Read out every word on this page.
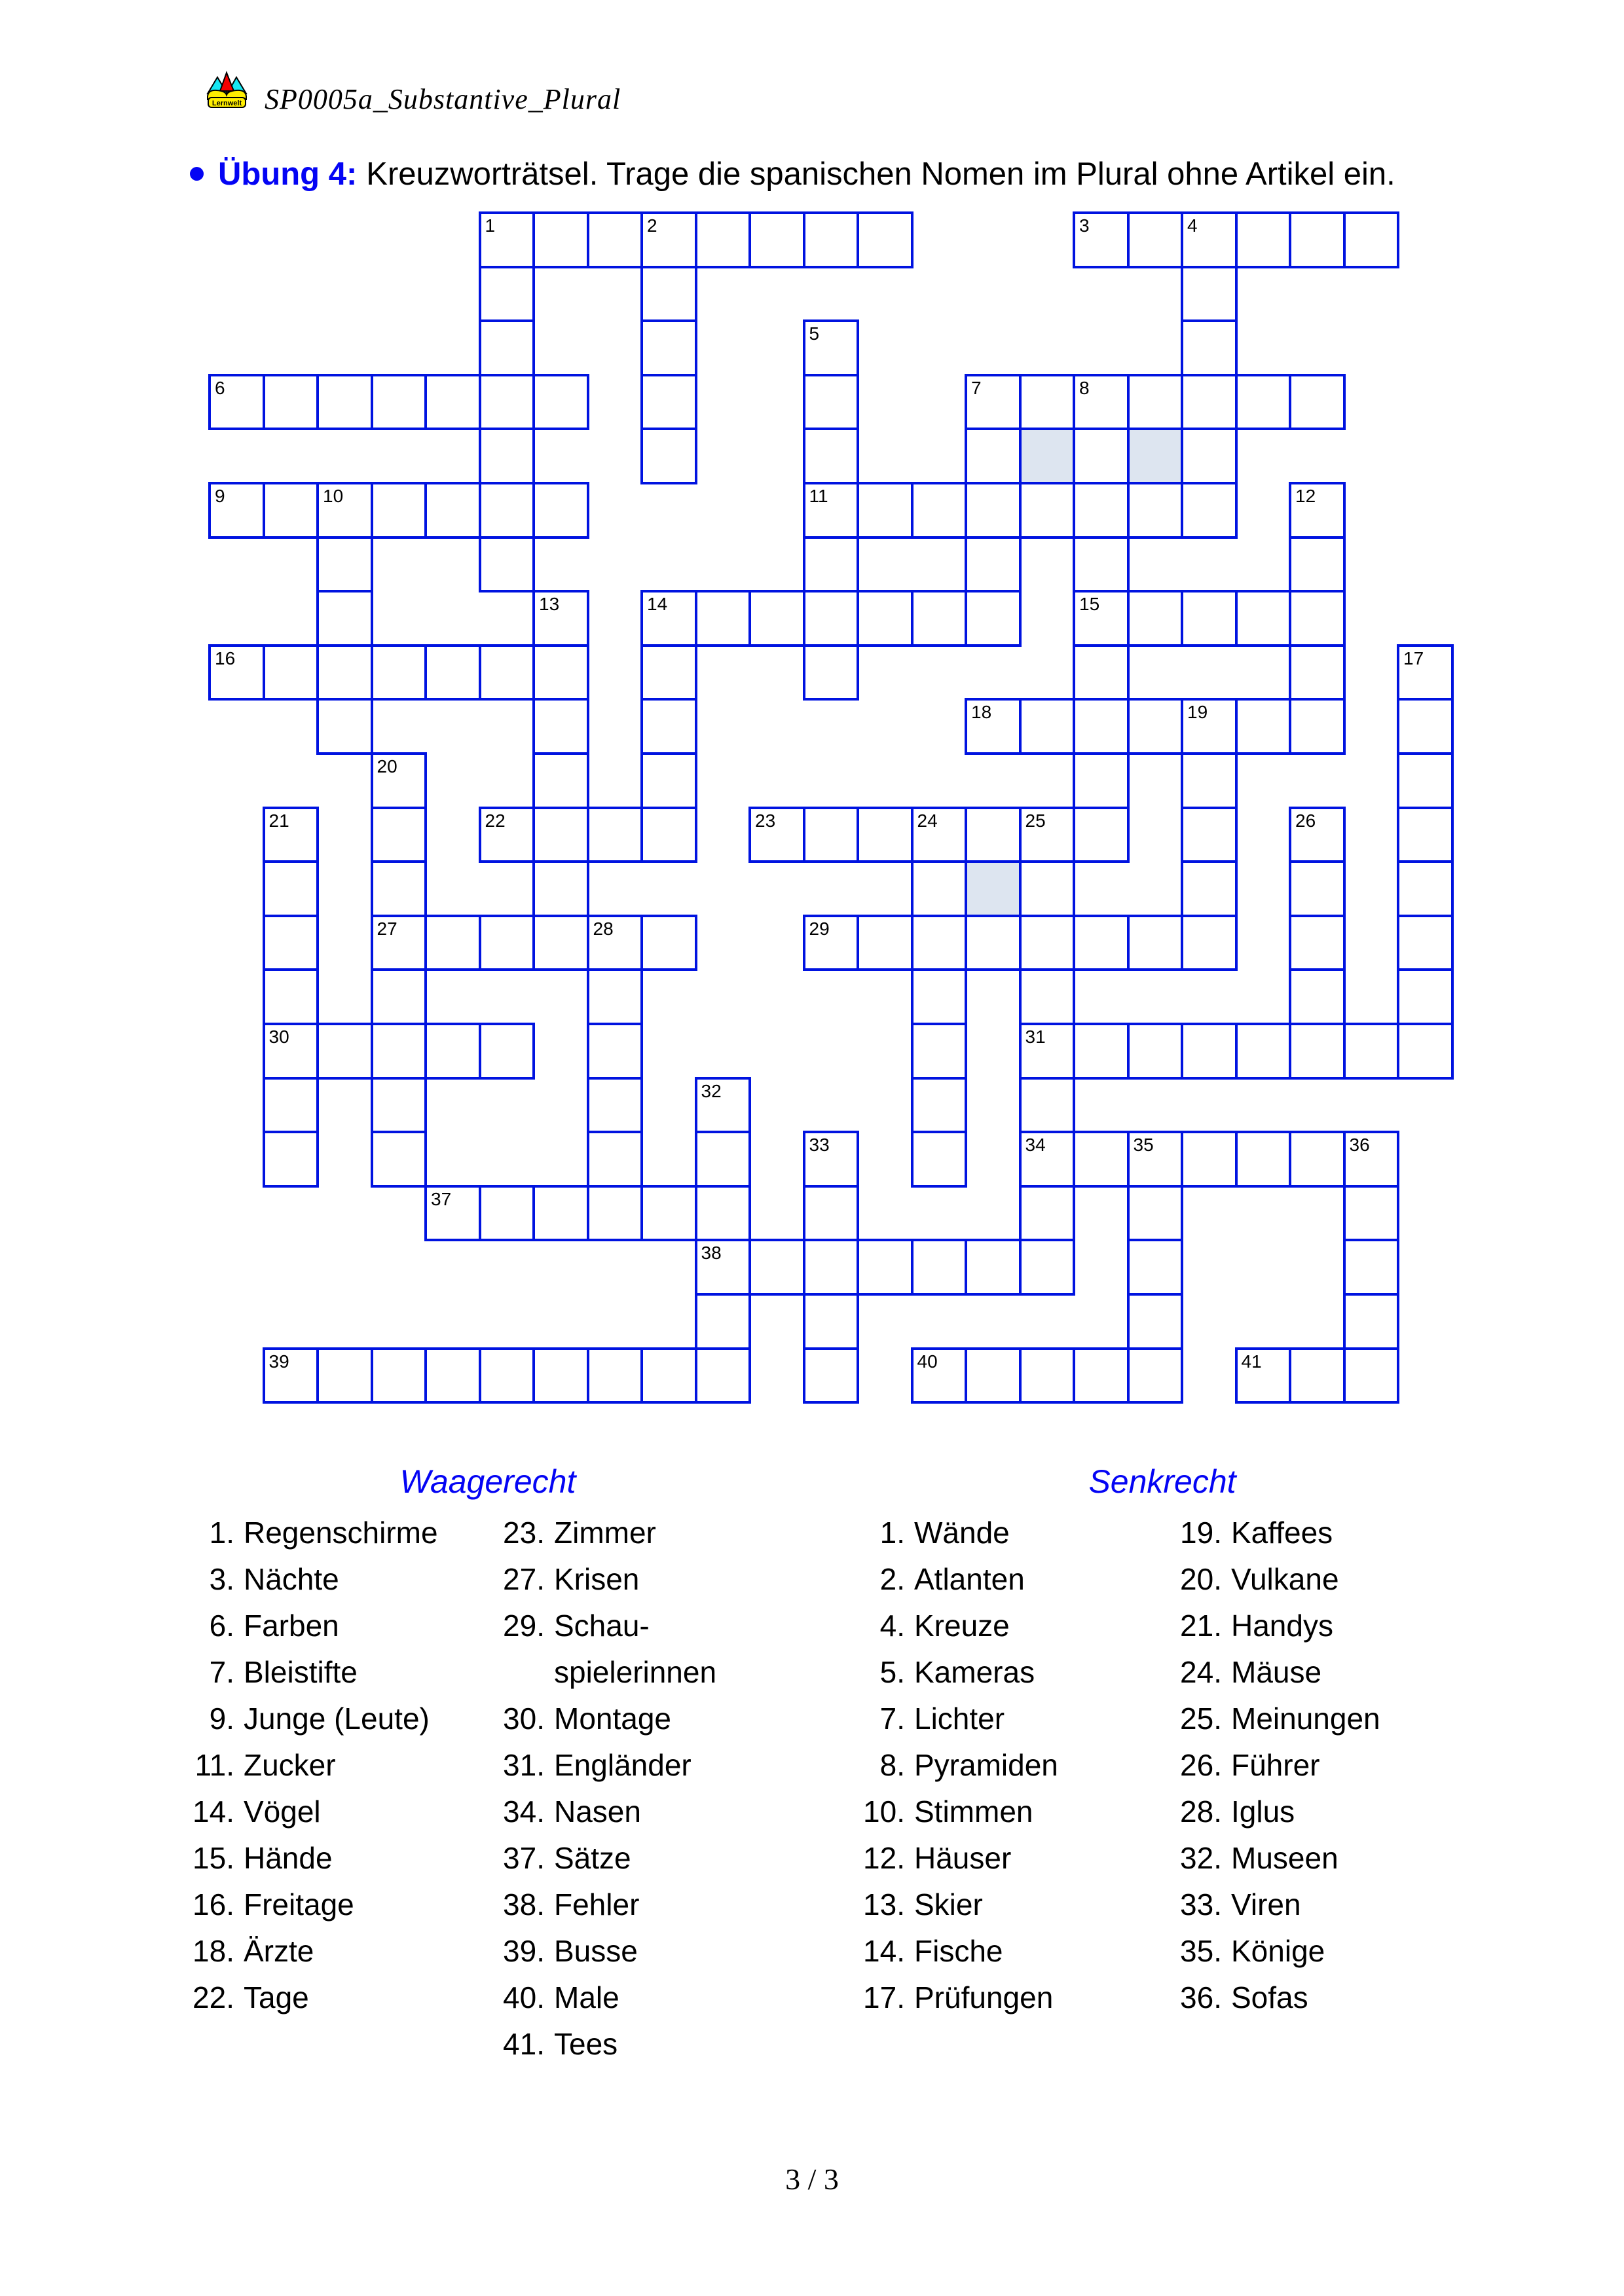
Lernwelt SP0005a_Substantive_Plural
Übung 4: Kreuzworträtsel. Trage die spanischen Nomen im Plural ohne Artikel ein.
1	2	3	4
5
6	7	8
9	10	11	12
13	14	15
16	17
18	19
20
21	22	23	24	25	26
27	28	29
30	31
32
33	34	35	36
37
38
39	40	41
Waagerecht	Senkrecht
1. Regenschirme
3. Nächte
6. Farben
7. Bleistifte
9. Junge (Leute)
11. Zucker
14. Vögel
15. Hände
16. Freitage
18. Ärzte
22. Tage
23. Zimmer
27. Krisen
29. Schau-
spielerinnen
30. Montage
31. Engländer
34. Nasen
37. Sätze
38. Fehler
39. Busse
40. Male
41. Tees
1. Wände
2. Atlanten
4. Kreuze
5. Kameras
7. Lichter
8. Pyramiden
10. Stimmen
12. Häuser
13. Skier
14. Fische
17. Prüfungen
19. Kaffees
20. Vulkane
21. Handys
24. Mäuse
25. Meinungen
26. Führer
28. Iglus
32. Museen
33. Viren
35. Könige
36. Sofas
3 / 3
